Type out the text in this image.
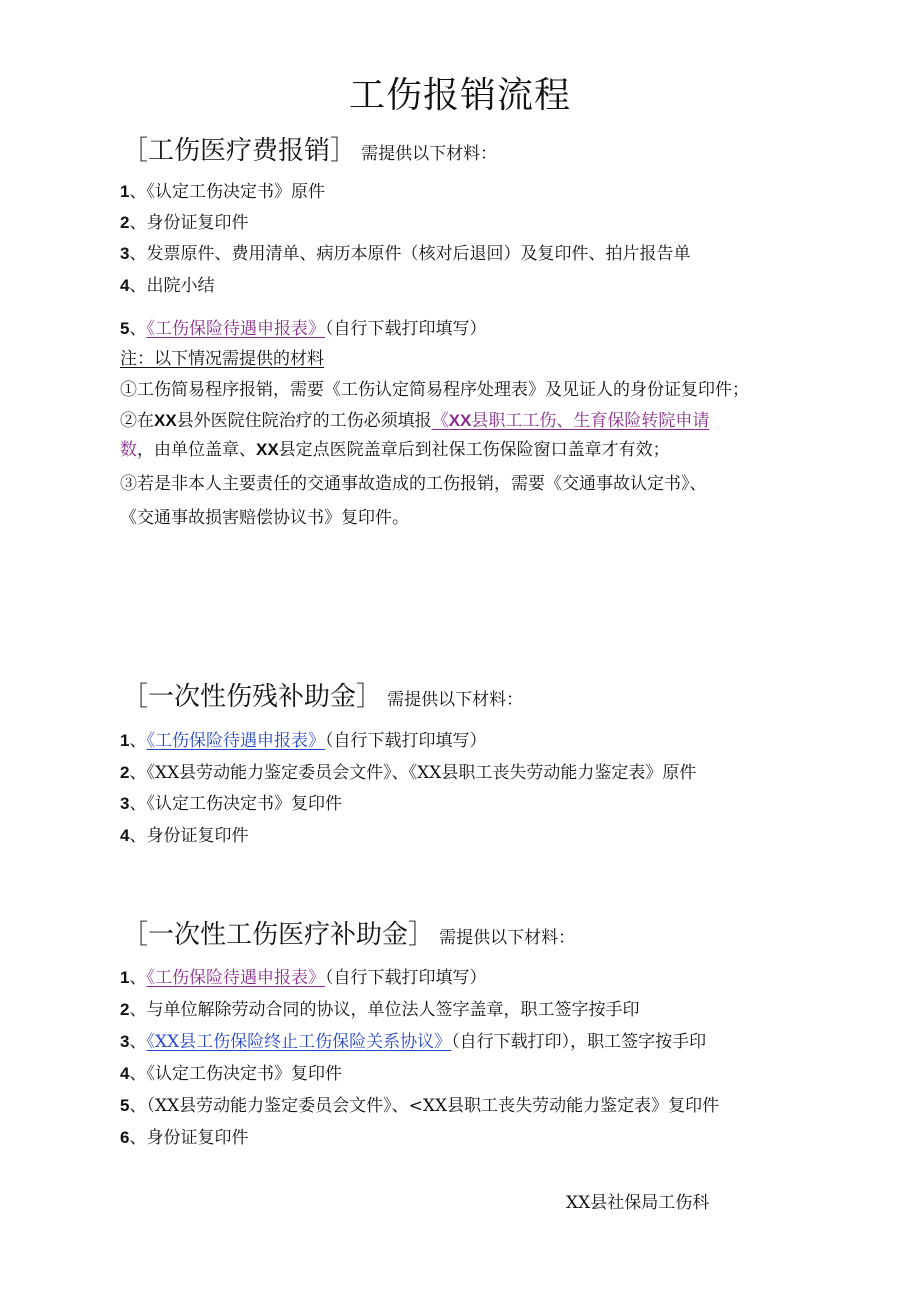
工伤报销流程
［工伤医疗费报销］ 需提供以下材料：
1、《认定工伤决定书》原件
2、身份证复印件
3、发票原件、费用清单、病历本原件（核对后退回）及复印件、拍片报告单
4、出院小结
5、《工伤保险待遇申报表》（自行下载打印填写）
注：以下情况需提供的材料
①工伤简易程序报销，需要《工伤认定简易程序处理表》及见证人的身份证复印件；
②在XX县外医院住院治疗的工伤必须填报《XX县职工工伤、生育保险转院申请
数，由单位盖章、XX县定点医院盖章后到社保工伤保险窗口盖章才有效；
③若是非本人主要责任的交通事故造成的工伤报销，需要《交通事故认定书》、
《交通事故损害赔偿协议书》复印件。
［一次性伤残补助金］ 需提供以下材料：
1、《工伤保险待遇申报表》（自行下载打印填写）
2、《XX县劳动能力鉴定委员会文件》、《XX县职工丧失劳动能力鉴定表》原件
3、《认定工伤决定书》复印件
4、身份证复印件
［一次性工伤医疗补助金］ 需提供以下材料：
1、《工伤保险待遇申报表》（自行下载打印填写）
2、与单位解除劳动合同的协议，单位法人签字盖章，职工签字按手印
3、《XX县工伤保险终止工伤保险关系协议》（自行下载打印），职工签字按手印
4、《认定工伤决定书》复印件
5、（XX县劳动能力鉴定委员会文件》、<XX县职工丧失劳动能力鉴定表》复印件
6、身份证复印件
XX县社保局工伤科
